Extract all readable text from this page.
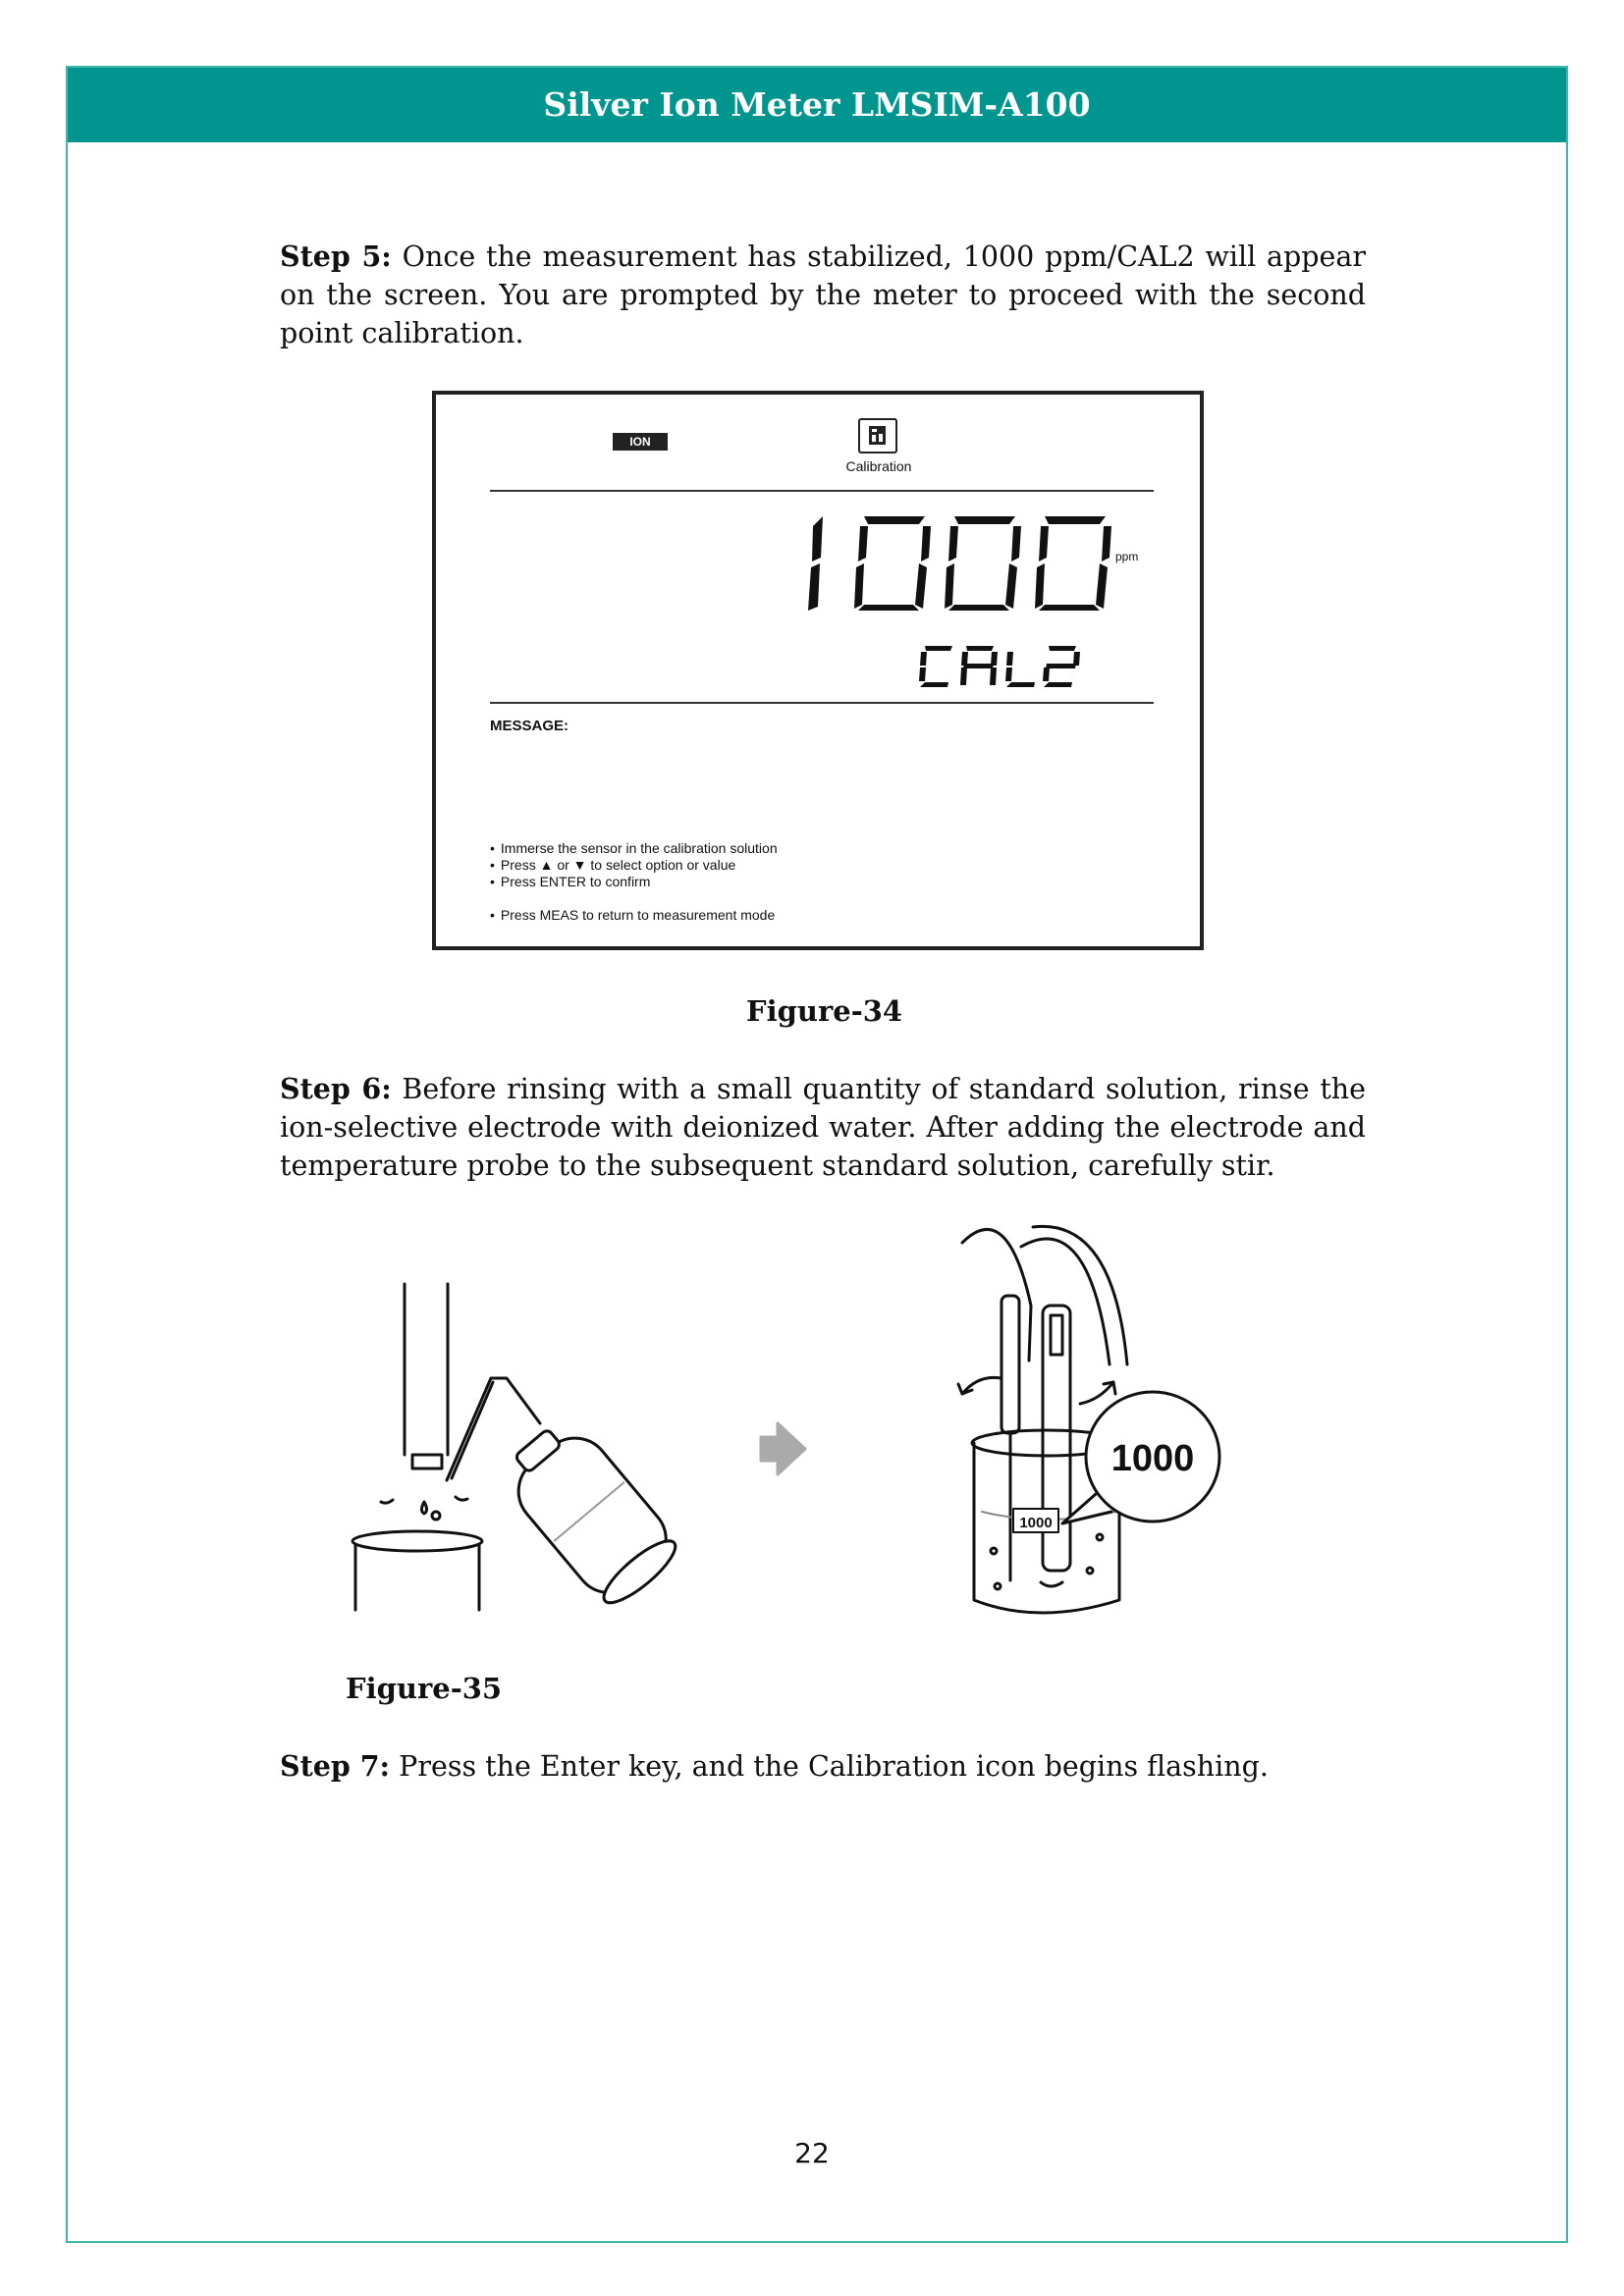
Silver Ion Meter LMSIM-A100

Step 5: Once the measurement has stabilized, 1000 ppm/CAL2 will appear on the screen. You are prompted by the meter to proceed with the second point calibration.

ION
Calibration
ppm
MESSAGE:
• Immerse the sensor in the calibration solution
• Press ▲ or ▼ to select option or value
• Press ENTER to confirm
• Press MEAS to return to measurement mode
Figure-34

Step 6: Before rinsing with a small quantity of standard solution, rinse the ion-selective electrode with deionized water. After adding the electrode and temperature probe to the subsequent standard solution, carefully stir.

1000
1000
Figure-35

Step 7: Press the Enter key, and the Calibration icon begins flashing.

22
